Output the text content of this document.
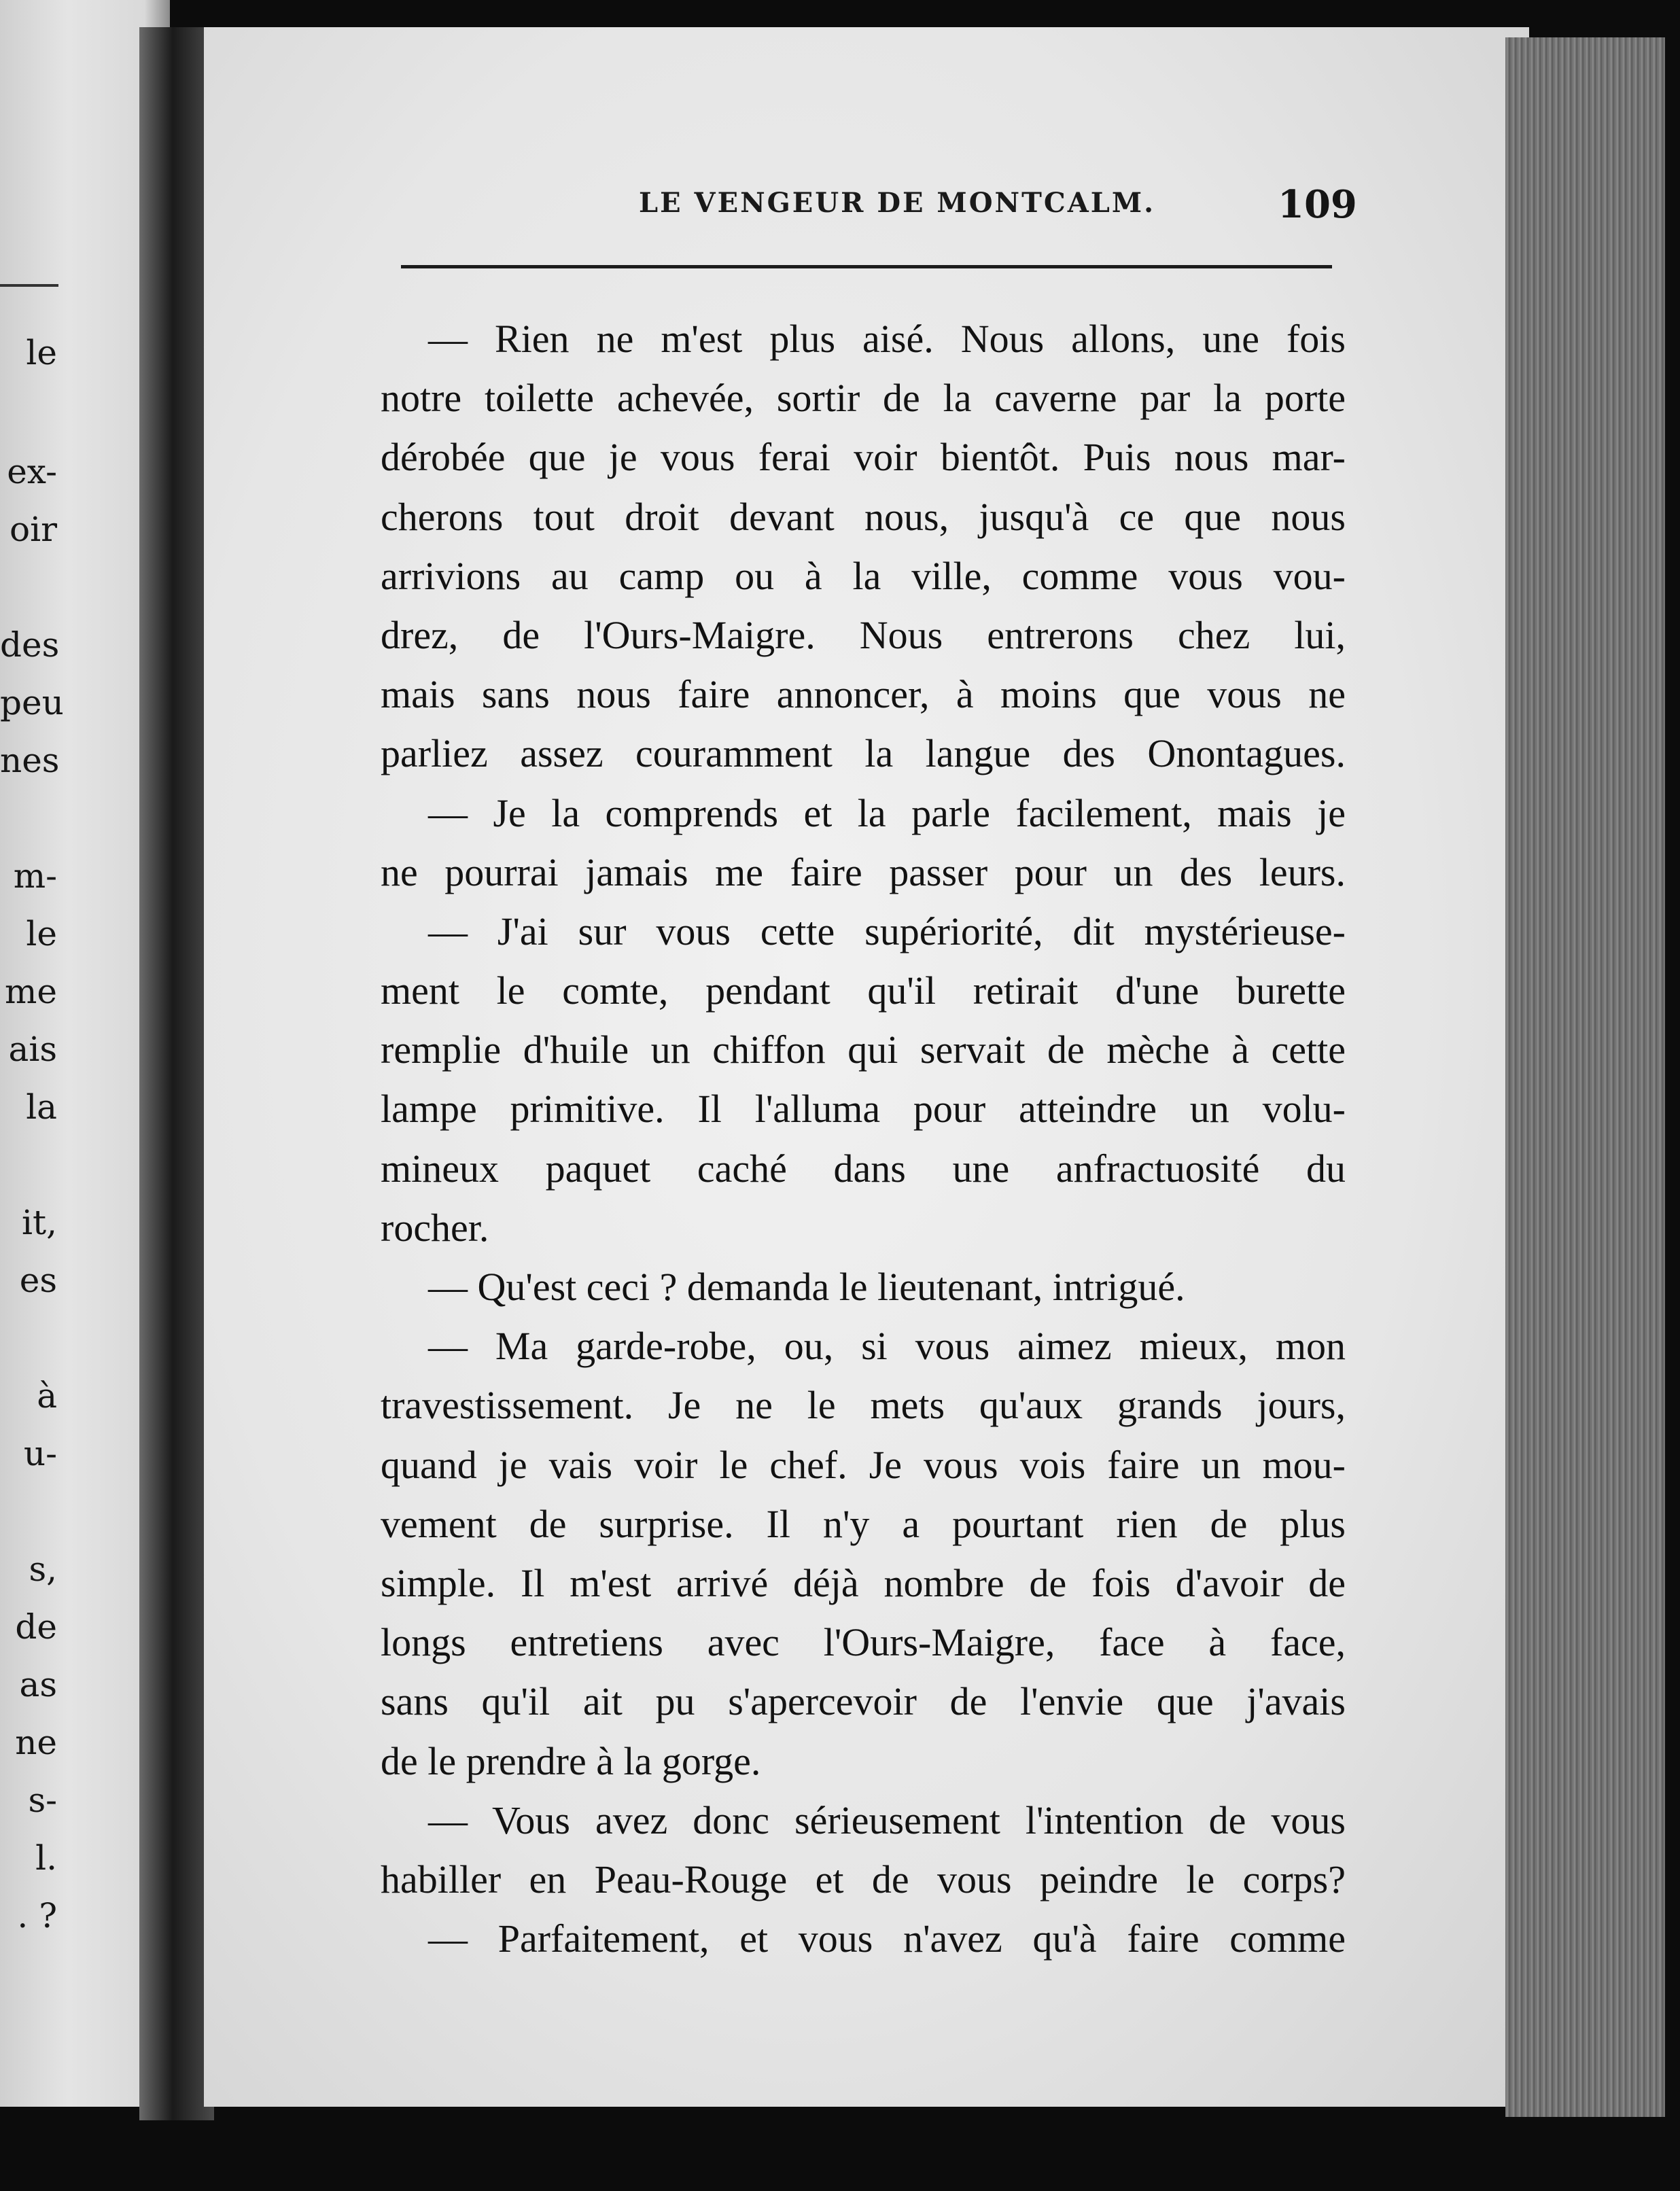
le
ex-
oir
des
peu
nes
m-
le
me
ais
la
it,
es
à
u-
s,
de
as
ne
s-
l.
. ?
LE VENGEUR DE MONTCALM.	109
— Rien ne m'est plus aisé. Nous allons, une fois
notre toilette achevée, sortir de la caverne par la porte
dérobée que je vous ferai voir bientôt. Puis nous mar-
cherons tout droit devant nous, jusqu'à ce que nous
arrivions au camp ou à la ville, comme vous vou-
drez, de l'Ours-Maigre. Nous entrerons chez lui,
mais sans nous faire annoncer, à moins que vous ne
parliez assez couramment la langue des Onontagues.
— Je la comprends et la parle facilement, mais je
ne pourrai jamais me faire passer pour un des leurs.
— J'ai sur vous cette supériorité, dit mystérieuse-
ment le comte, pendant qu'il retirait d'une burette
remplie d'huile un chiffon qui servait de mèche à cette
lampe primitive. Il l'alluma pour atteindre un volu-
mineux paquet caché dans une anfractuosité du
rocher.
— Qu'est ceci ? demanda le lieutenant, intrigué.
— Ma garde-robe, ou, si vous aimez mieux, mon
travestissement. Je ne le mets qu'aux grands jours,
quand je vais voir le chef. Je vous vois faire un mou-
vement de surprise. Il n'y a pourtant rien de plus
simple. Il m'est arrivé déjà nombre de fois d'avoir de
longs entretiens avec l'Ours-Maigre, face à face,
sans qu'il ait pu s'apercevoir de l'envie que j'avais
de le prendre à la gorge.
— Vous avez donc sérieusement l'intention de vous
habiller en Peau-Rouge et de vous peindre le corps?
— Parfaitement, et vous n'avez qu'à faire comme
